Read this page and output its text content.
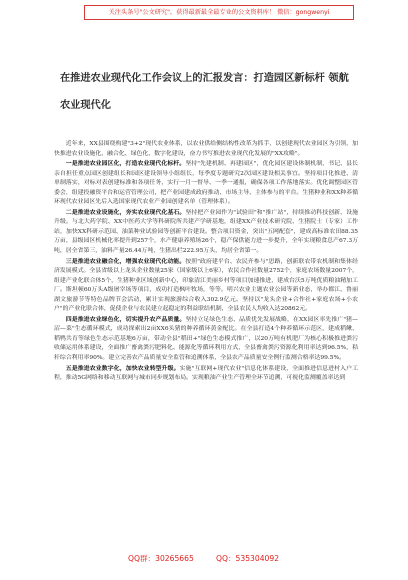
关注头条号"公文研究"，获得最新最全最专业的公文资料库！ 微信：gongwenyi
在推进农业现代化工作会议上的汇报发言：打造园区新标杆 领航农业现代化

近年来，XX县围绕构建"3+2"现代农业体系，以农业供给侧结构性改革为抓手，以创建现代农业园区为引领，加快推进农业设施化、融合化、绿色化、数字化建设，奋力书写推进农业现代化发展的"XX攻略"。

一是推进农业园区化，打造农业现代化标杆。坚持"先建机制、再建园区"，优化园区建设体制机制，书记、县长亲自担任重点园区创建组长和园区建设领导小组组长，每季度专题研究2次园区建设相关事宜。坚持项目化推进、清单制落实，对标对表创建标准和各项任务，实行一月一督导、一季一通报，确保各项工作落地落实。优化调整园区管委会，组建投融资平台和运营管理公司，把产业园建成政府推动、市场主导、主体参与的平台。生猪种业和XX种养循环现代农业园区先后入选国家现代农业产业园创建名单（管理体系）。

二是推进农业设施化，夯实农业现代化基石。坚持把产业园作为"试验田"和"推广站"，持续推动科技创新、设施升级。与北大药学院、XX中医药大学等科研院所共建产学研基地，组建XX产业技术研究院、生猪院士（专家）工作站，加快XX科研示范园、油菜种业试验园等创新平台建设。整合项目资金，突出"五网配套"，建成高标准农田88.35万亩，县级园区机械化率提升到257个，水产健康养殖场26个，稳产保供能力进一步提升，全年实现粮食总产67.3万吨，居全省第三，油料产量26.44万吨，生猪出栏222.95万头，均居全省第一。

三是推进农业融合化，增强农业现代化动能。按照"政府建平台、农民齐参与"思路，创新联农带农机制和集体经济发展模式。全县省级以上龙头企业数量25家（国家级以上6家），农民合作社数量2752个，家庭农场数量2007个，组建产业化联合体5个，生猪种业区域创新中心，印象清江美丽乡村等项目加速推进，建成台沃5万吨优质粮油精加工厂。斯坦顿60万头A级屠宰场等项目，成功打造枫叶牧场，等等。明兴农业主题农业公园等新业态，举办都江、鲁丽湖文旅游节等特色品牌节会活动，累计实现旅游综合收入302.9亿元。坚持以"龙头企业+合作社+家庭农场+小农户"的产业化联合体，促使企业与农民建立起稳定的利益联结机制，全县农民人均收入达20862元。

四是推进农业绿色化，切实提升农产品质量。坚持立足绿色生态、品质优先发展战略，在XX园区率先推广"猪—沼—菜"生态循环模式，成功探索出2亩XX6头猪的种养循环黄金配比。在全县打造4个种养循环示范区，建成稻鳅、稻鸭共育等绿色生态示范基地6万亩，带动全县"稻田+"绿色生态模式推广，以20万吨有机肥厂为核心积极推进粪污收储运用体系建设，全面推广畜禽粪污肥料化、能源化等循环利用方式，全县畜禽粪污资源化利用率达到96.5%，秸秆综合利用率90%。建立完善农产品质量安全监管和追溯体系，全县农产品质量安全例行监测合格率达99.5%。

五是推进农业数字化，加快农业转型升级。实施"互联网+现代农业"信息化体系建设，全面推进信息进村入户工程，推动5G网络和移动互联网与城市同步规划布局。实现粮油产业生产管理全环节追溯，可视化监测覆盖率达到

QQ群：30265665	QQ：535304092
